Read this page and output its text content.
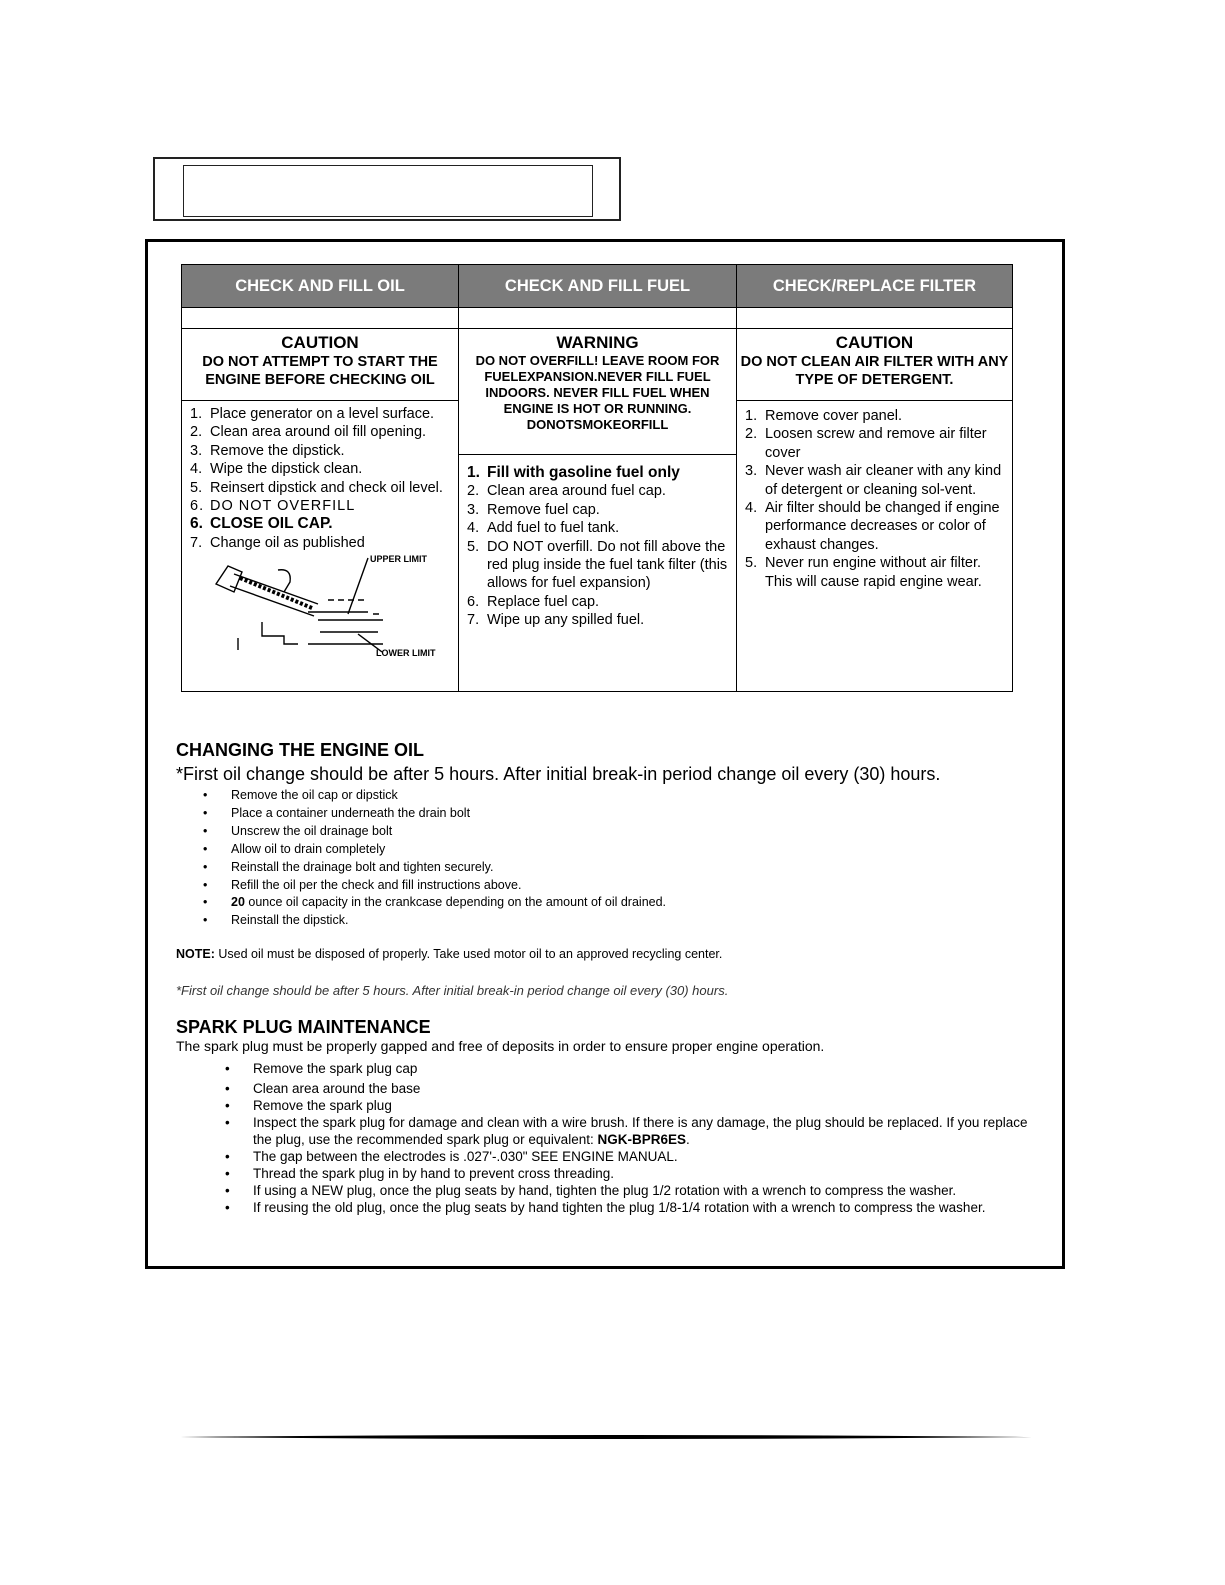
CHECK AND FILL OIL
CAUTION
DO NOT ATTEMPT TO START THE ENGINE BEFORE CHECKING OIL
1. Place generator on a level surface.
2. Clean area around oil fill opening.
3. Remove the dipstick.
4. Wipe the dipstick clean.
5. Reinsert dipstick and check oil level.
6. DO NOT OVERFILL
6. CLOSE OIL CAP.
7. Change oil as published
UPPER LIMIT
LOWER LIMIT
CHECK AND FILL FUEL
WARNING
DO NOT OVERFILL! LEAVE ROOM FOR FUELEXPANSION.NEVER FILL FUEL INDOORS. NEVER FILL FUEL WHEN ENGINE IS HOT OR RUNNING. DONOTSMOKEORFILL
1. Fill with gasoline fuel only
2. Clean area around fuel cap.
3. Remove fuel cap.
4. Add fuel to fuel tank.
5. DO NOT overfill. Do not fill above the red plug inside the fuel tank filter (this allows for fuel expansion)
6. Replace fuel cap.
7. Wipe up any spilled fuel.
CHECK/REPLACE FILTER
CAUTION
DO NOT CLEAN AIR FILTER WITH ANY TYPE OF DETERGENT.
1. Remove cover panel.
2. Loosen screw and remove air filter cover
3. Never wash air cleaner with any kind of detergent or cleaning sol-vent.
4. Air filter should be changed if engine performance decreases or color of exhaust changes.
5. Never run engine without air filter. This will cause rapid engine wear.
CHANGING THE ENGINE OIL
*First oil change should be after 5 hours. After initial break-in period change oil every (30) hours.
• Remove the oil cap or dipstick
• Place a container underneath the drain bolt
• Unscrew the oil drainage bolt
• Allow oil to drain completely
• Reinstall the drainage bolt and tighten securely.
• Refill the oil per the check and fill instructions above.
• 20 ounce oil capacity in the crankcase depending on the amount of oil drained.
• Reinstall the dipstick.
NOTE: Used oil must be disposed of properly. Take used motor oil to an approved recycling center.
*First oil change should be after 5 hours. After initial break-in period change oil every (30) hours.
SPARK PLUG MAINTENANCE
The spark plug must be properly gapped and free of deposits in order to ensure proper engine operation.
• Remove the spark plug cap
• Clean area around the base
• Remove the spark plug
• Inspect the spark plug for damage and clean with a wire brush. If there is any damage, the plug should be replaced. If you replace the plug, use the recommended spark plug or equivalent: NGK-BPR6ES.
• The gap between the electrodes is .027'-.030" SEE ENGINE MANUAL.
• Thread the spark plug in by hand to prevent cross threading.
• If using a NEW plug, once the plug seats by hand, tighten the plug 1/2 rotation with a wrench to compress the washer.
• If reusing the old plug, once the plug seats by hand tighten the plug 1/8-1/4 rotation with a wrench to compress the washer.
